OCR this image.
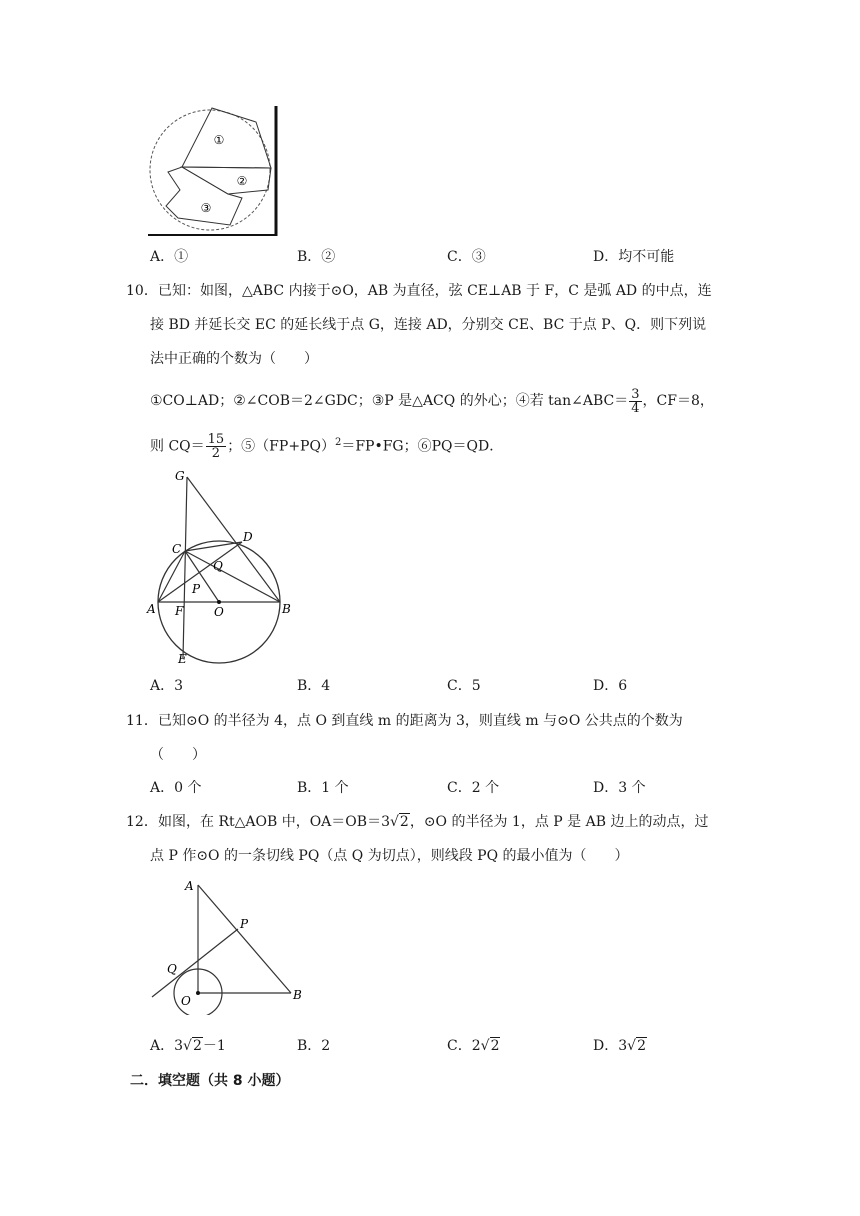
①
②
③
A．①	B．②	C．③	D．均不可能
10． 已知：如图，△ABC 内接于⊙O，AB 为直径，弦 CE⊥AB 于 F，C 是弧 AD 的中点，连
接 BD 并延长交 EC 的延长线于点 G，连接 AD，分别交 CE、BC 于点 P、Q．则下列说
法中正确的个数为（　　）
①CO⊥AD；②∠COB＝2∠GDC；③P 是△ACQ 的外心；④若 tan∠ABC＝ $\frac{3}{4}$ ，CF＝8，
则 $CQ= \frac{15}{2}$ ；$⑤(FP+PQ)^2=FP•FG$；⑥PQ＝QD．
G
C
D
Q
P
A F	O	B
E
A．3	B．4	C．5	D．6
11． 已知⊙O 的半径为 4，点 O 到直线 m 的距离为 3，则直线 m 与⊙O 公共点的个数为
（　　）
A．0 个	B．1 个	C．2 个	D．3 个
12． 如图，在 Rt△AOB 中，OA＝OB＝3√2，⊙O 的半径为 1，点 P 是 AB 边上的动点，过
点 P 作⊙O 的一条切线 PQ（点 Q 为切点），则线段 PQ 的最小值为（　　）
A
P
Q
O	B
A．3√2－1	B．2	C．2√2	D．3√2
二．填空题（共 8 小题）
